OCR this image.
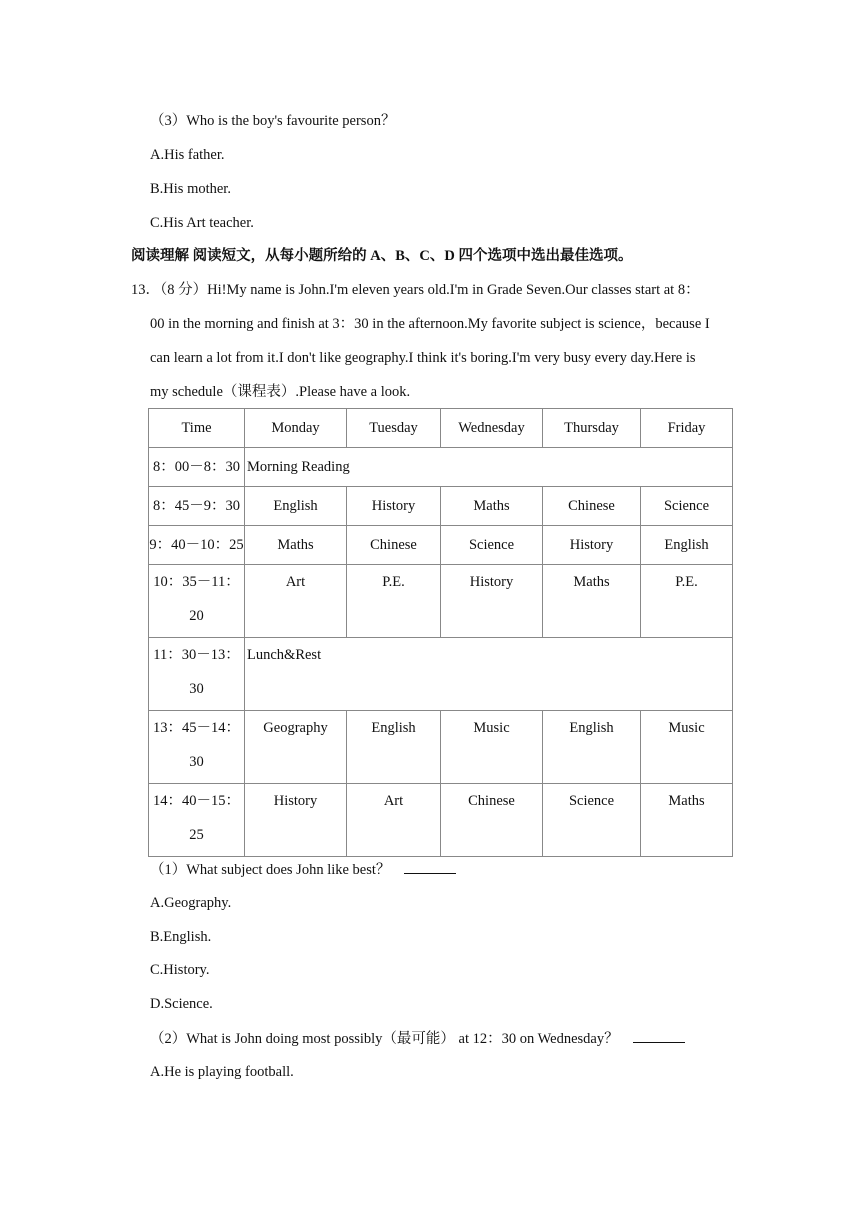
（3）Who is the boy's favourite person？
A.His father.
B.His mother.
C.His Art teacher.
阅读理解 阅读短文，从每小题所给的 A、B、C、D 四个选项中选出最佳选项。
13．（8 分）Hi!My name is John.I'm eleven years old.I'm in Grade Seven.Our classes start at 8：
00 in the morning and finish at 3：30 in the afternoon.My favorite subject is science，because I
can learn a lot from it.I don't like geography.I think it's boring.I'm very busy every day.Here is
my schedule（课程表）.Please have a look.
Time	Monday	Tuesday	Wednesday	Thursday	Friday
8：00－8：30	Morning Reading				
8：45－9：30	English	History	Maths	Chinese	Science
9：40－10：25	Maths	Chinese	Science	History	English
10：35－11：20	Art	P.E.	History	Maths	P.E.
11：30－13：30	Lunch&Rest				
13：45－14：30	Geography	English	Music	English	Music
14：40－15：25	History	Art	Chinese	Science	Maths
（1）What subject does John like best？
A.Geography.
B.English.
C.History.
D.Science.
（2）What is John doing most possibly（最可能） at 12：30 on Wednesday？
A.He is playing football.
